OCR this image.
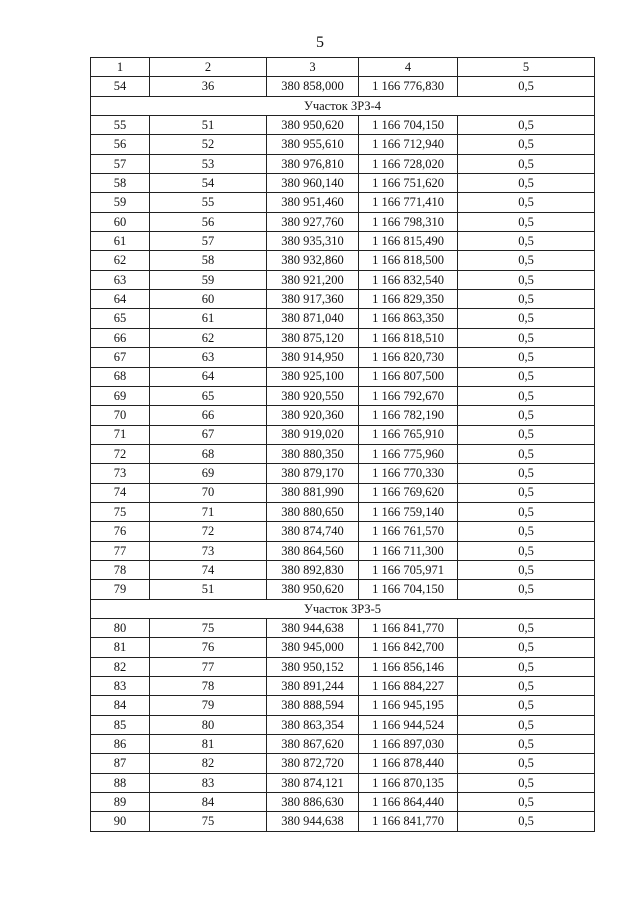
5
1	2	3	4	5
54	36	380 858,000	1 166 776,830	0,5
Участок ЗРЗ-4				
55	51	380 950,620	1 166 704,150	0,5
56	52	380 955,610	1 166 712,940	0,5
57	53	380 976,810	1 166 728,020	0,5
58	54	380 960,140	1 166 751,620	0,5
59	55	380 951,460	1 166 771,410	0,5
60	56	380 927,760	1 166 798,310	0,5
61	57	380 935,310	1 166 815,490	0,5
62	58	380 932,860	1 166 818,500	0,5
63	59	380 921,200	1 166 832,540	0,5
64	60	380 917,360	1 166 829,350	0,5
65	61	380 871,040	1 166 863,350	0,5
66	62	380 875,120	1 166 818,510	0,5
67	63	380 914,950	1 166 820,730	0,5
68	64	380 925,100	1 166 807,500	0,5
69	65	380 920,550	1 166 792,670	0,5
70	66	380 920,360	1 166 782,190	0,5
71	67	380 919,020	1 166 765,910	0,5
72	68	380 880,350	1 166 775,960	0,5
73	69	380 879,170	1 166 770,330	0,5
74	70	380 881,990	1 166 769,620	0,5
75	71	380 880,650	1 166 759,140	0,5
76	72	380 874,740	1 166 761,570	0,5
77	73	380 864,560	1 166 711,300	0,5
78	74	380 892,830	1 166 705,971	0,5
79	51	380 950,620	1 166 704,150	0,5
Участок ЗРЗ-5				
80	75	380 944,638	1 166 841,770	0,5
81	76	380 945,000	1 166 842,700	0,5
82	77	380 950,152	1 166 856,146	0,5
83	78	380 891,244	1 166 884,227	0,5
84	79	380 888,594	1 166 945,195	0,5
85	80	380 863,354	1 166 944,524	0,5
86	81	380 867,620	1 166 897,030	0,5
87	82	380 872,720	1 166 878,440	0,5
88	83	380 874,121	1 166 870,135	0,5
89	84	380 886,630	1 166 864,440	0,5
90	75	380 944,638	1 166 841,770	0,5
